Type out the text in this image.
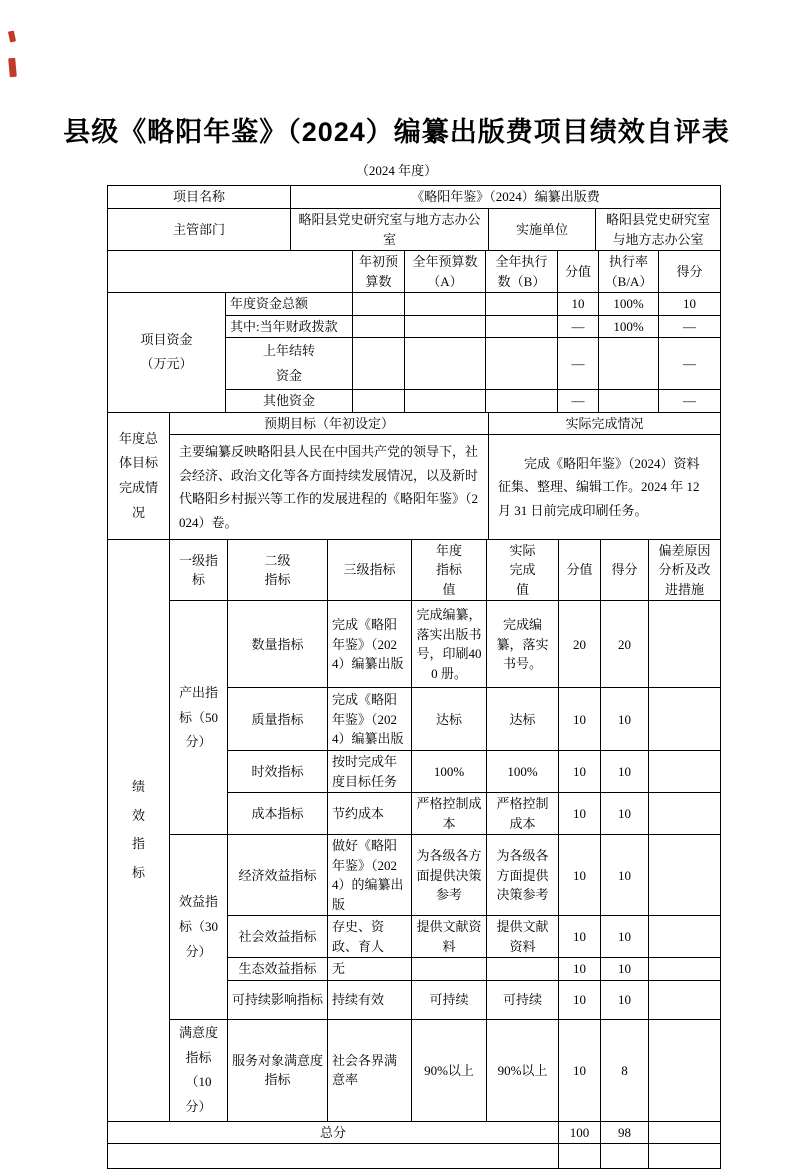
县级《略阳年鉴》（2024）编纂出版费项目绩效自评表
（2024 年度）
项目名称	《略阳年鉴》（2024）编纂出版费		
主管部门	略阳县党史研究室与地方志办公室	实施单位	略阳县党史研究室与地方志办公室
		年初预算数	全年预算数（A）	全年执行数（B）	分值	执行率（B/A）	得分

项目资金（万元）	年度资金总额				10	100%	10
	其中:当年财政拨款				—	100%	—

	上年结转资金				—		—
	其他资金				—		—
年度总体目标完成情况	预期目标（年初设定）	实际完成情况
	主要编纂反映略阳县人民在中国共产党的领导下，社会经济、政治文化等各方面持续发展情况，以及新时代略阳乡村振兴等工作的发展进程的《略阳年鉴》（2024）卷。	完成《略阳年鉴》（2024）资料征集、整理、编辑工作。2024 年 12 月 31 日前完成印刷任务。
绩效指标	一级指标	二级指标	三级指标	年度指标值	实际完成值	分值	得分	偏差原因分析及改进措施

	产出指标（50分）	数量指标	完成《略阳年鉴》（2024）编纂出版	完成编纂，落实出版书号，印刷400 册。	完成编纂，落实书号。	20	20	
		质量指标	完成《略阳年鉴》（2024）编纂出版	达标	达标	10	10	
		时效指标	按时完成年度目标任务	100%	100%	10	10	
		成本指标	节约成本	严格控制成本	严格控制成本	10	10	

	效益指标（30分）	经济效益指标	做好《略阳年鉴》（2024）的编纂出版	为各级各方面提供决策参考	为各级各方面提供决策参考	10	10	
		社会效益指标	存史、资政、育人	提供文献资料	提供文献资料	10	10	
		生态效益指标	无			10	10	
		可持续影响指标	持续有效	可持续	可持续	10	10	

	满意度指标（10分）	服务对象满意度指标	社会各界满意率	90%以上	90%以上	10	8	
总分						100	98	
